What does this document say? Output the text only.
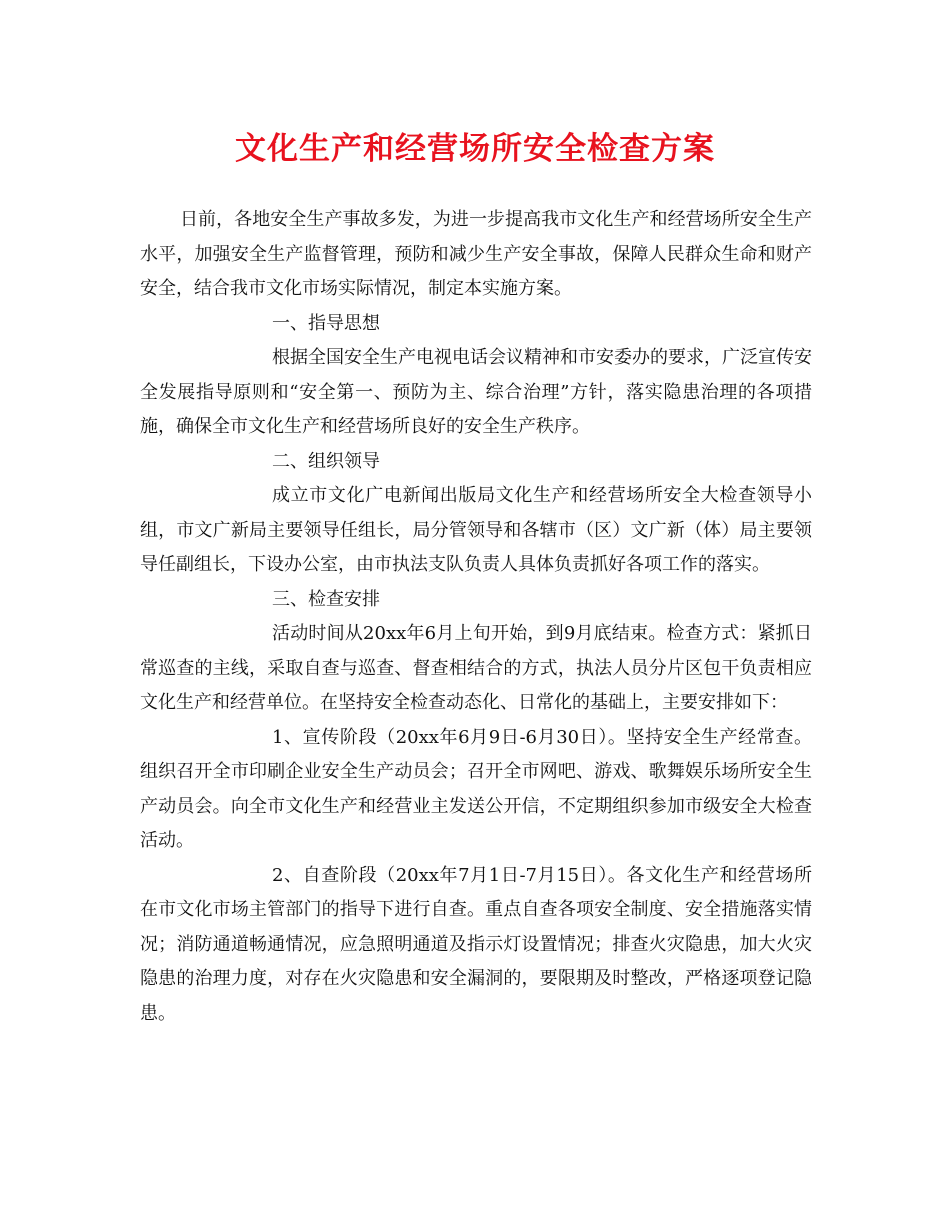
文化生产和经营场所安全检查方案

日前，各地安全生产事故多发，为进一步提高我市文化生产和经营场所安全生产水平，加强安全生产监督管理，预防和减少生产安全事故，保障人民群众生命和财产安全，结合我市文化市场实际情况，制定本实施方案。

一、指导思想

根据全国安全生产电视电话会议精神和市安委办的要求，广泛宣传安全发展指导原则和“安全第一、预防为主、综合治理”方针，落实隐患治理的各项措施，确保全市文化生产和经营场所良好的安全生产秩序。

二、组织领导

成立市文化广电新闻出版局文化生产和经营场所安全大检查领导小组，市文广新局主要领导任组长，局分管领导和各辖市（区）文广新（体）局主要领导任副组长，下设办公室，由市执法支队负责人具体负责抓好各项工作的落实。

三、检查安排

活动时间从20xx年6月上旬开始，到9月底结束。检查方式：紧抓日常巡查的主线，采取自查与巡查、督查相结合的方式，执法人员分片区包干负责相应文化生产和经营单位。在坚持安全检查动态化、日常化的基础上，主要安排如下：

1、宣传阶段（20xx年6月9日-6月30日）。坚持安全生产经常查。组织召开全市印刷企业安全生产动员会；召开全市网吧、游戏、歌舞娱乐场所安全生产动员会。向全市文化生产和经营业主发送公开信，不定期组织参加市级安全大检查活动。

2、自查阶段（20xx年7月1日-7月15日）。各文化生产和经营场所在市文化市场主管部门的指导下进行自查。重点自查各项安全制度、安全措施落实情况；消防通道畅通情况，应急照明通道及指示灯设置情况；排查火灾隐患，加大火灾隐患的治理力度，对存在火灾隐患和安全漏洞的，要限期及时整改，严格逐项登记隐患。
